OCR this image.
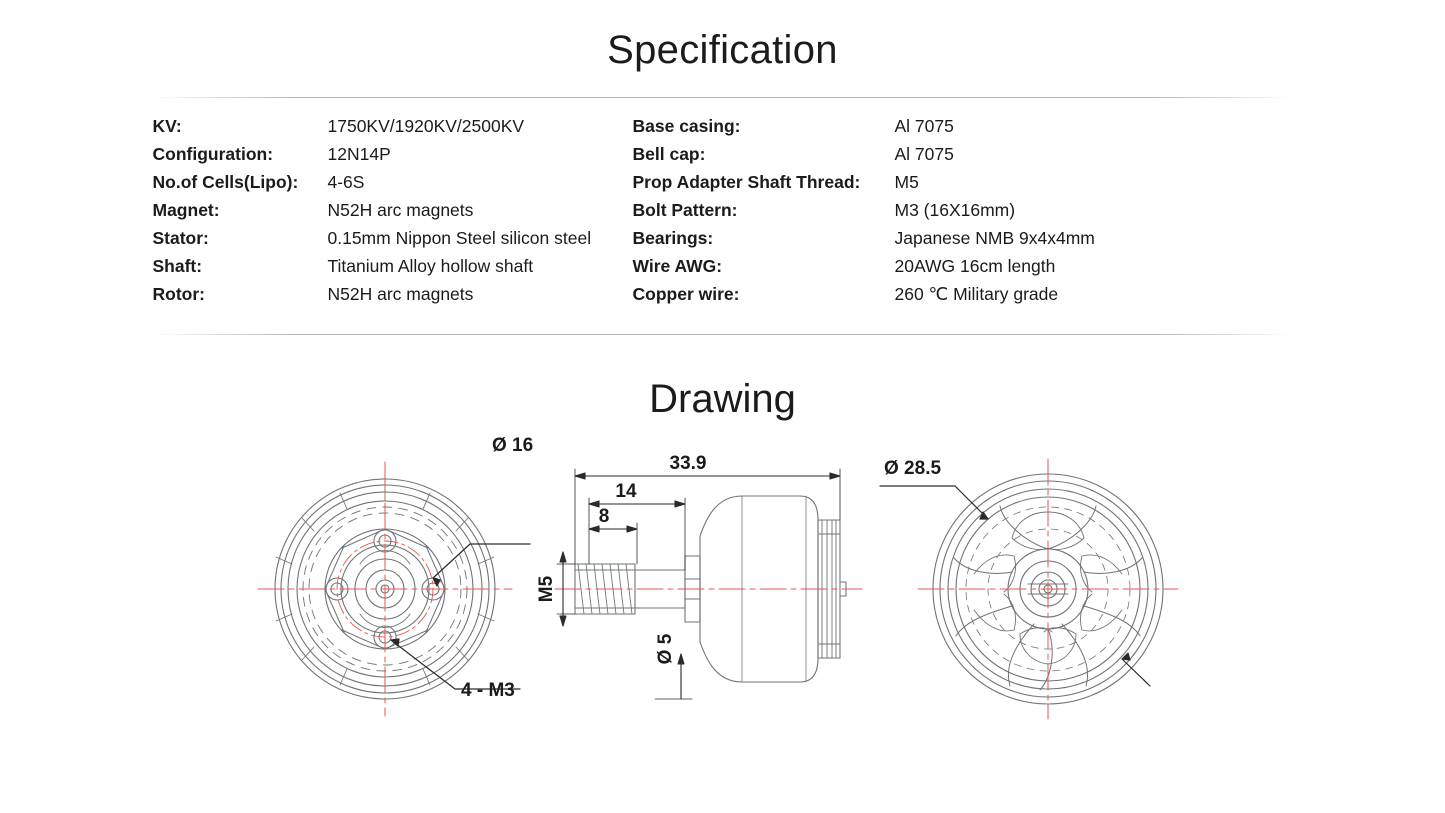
Specification
KV:	1750KV/1920KV/2500KV
Configuration:	12N14P
No.of Cells(Lipo):	4-6S
Magnet:	N52H arc magnets
Stator:	0.15mm Nippon Steel silicon steel
Shaft:	Titanium Alloy hollow shaft
Rotor:	N52H arc magnets
Base casing:	Al 7075
Bell cap:	Al 7075
Prop Adapter Shaft Thread:	M5
Bolt Pattern:	M3 (16X16mm)
Bearings:	Japanese NMB 9x4x4mm
Wire AWG:	20AWG 16cm length
Copper wire:	260 ℃ Military grade
Drawing
Ø 16
4 - M3
33.9
14
8
M5
Ø 5
Ø 28.5
